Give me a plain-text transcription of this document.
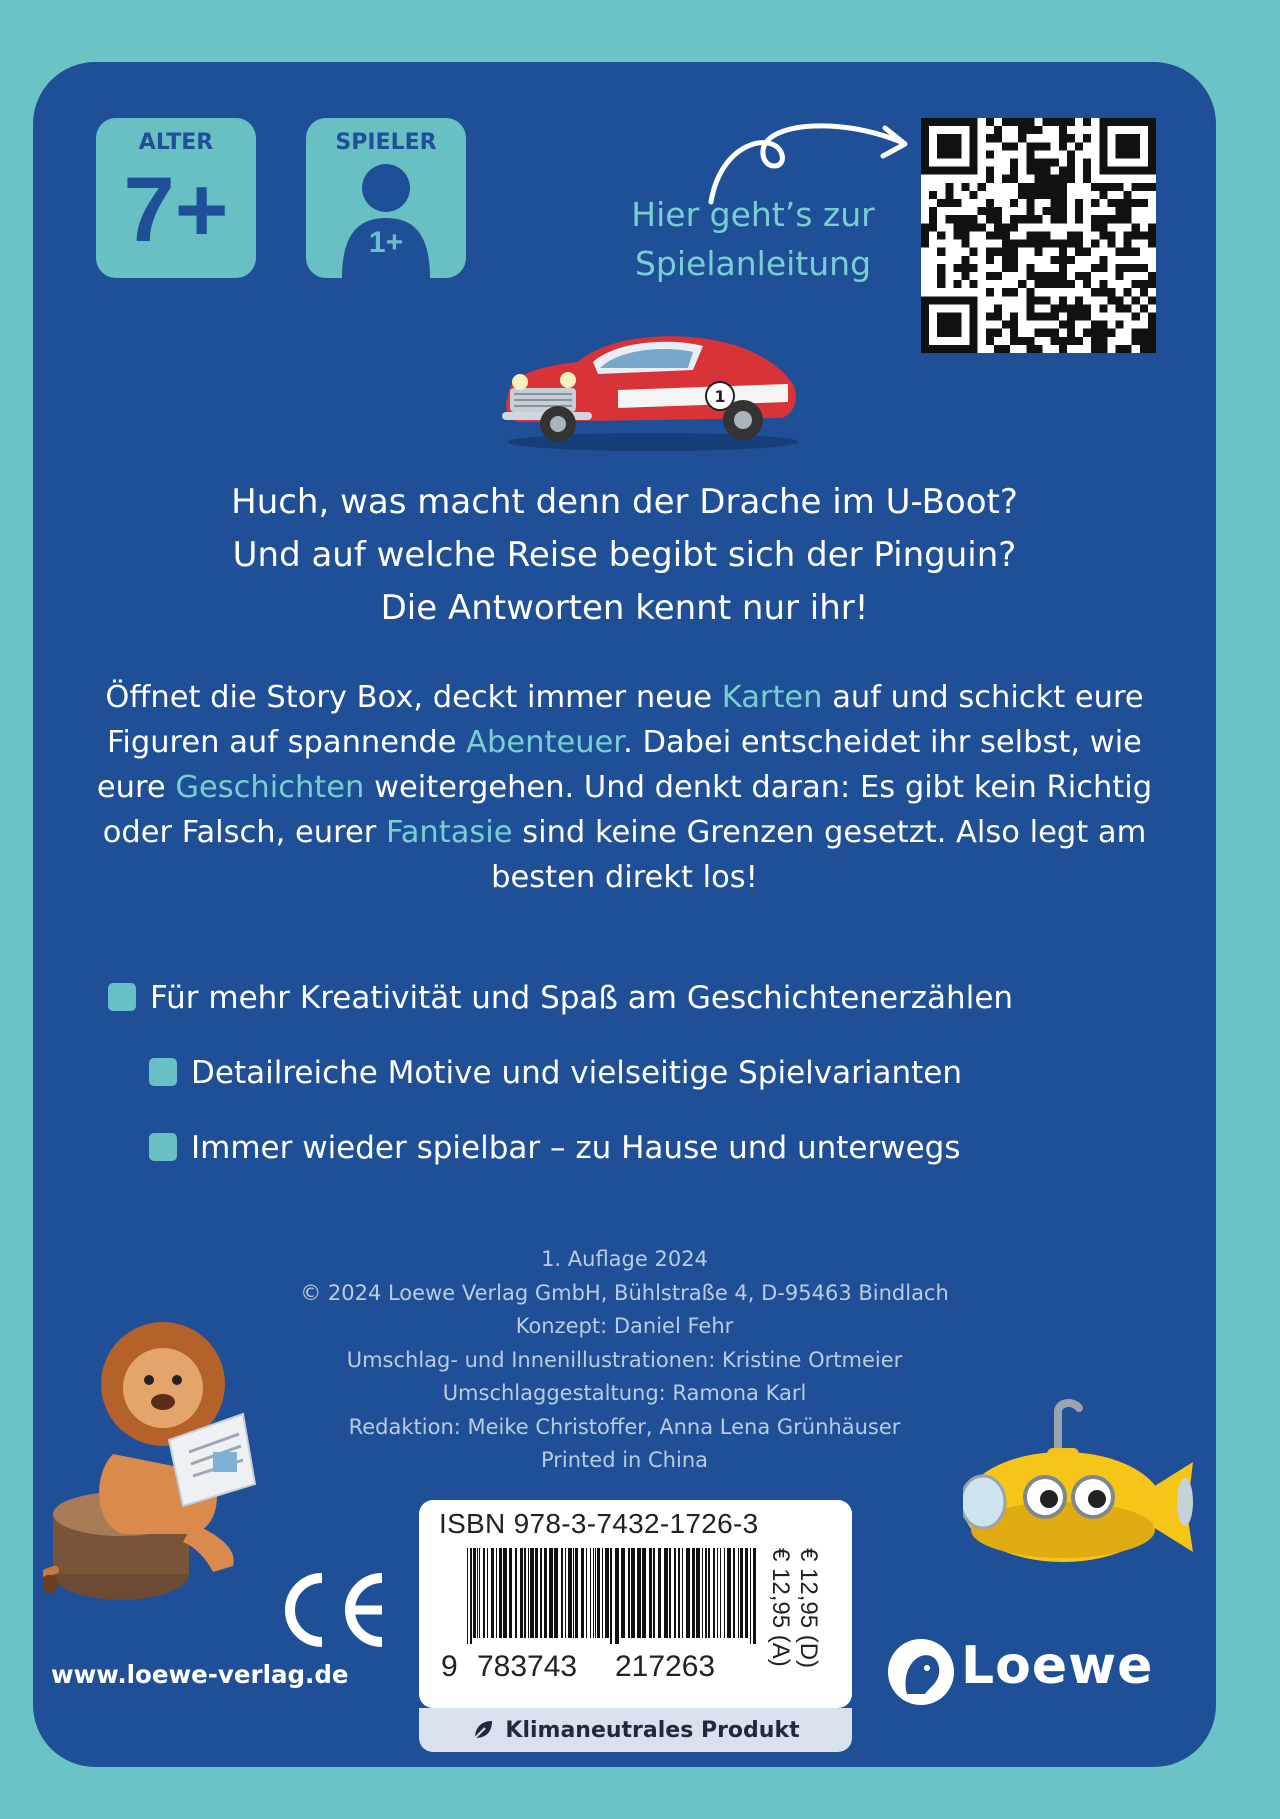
ALTER
7+
SPIELER
1+
Hier geht’s zur
Spielanleitung
1
Huch, was macht denn der Drache im U-Boot?
Und auf welche Reise begibt sich der Pinguin?
Die Antworten kennt nur ihr!
Öffnet die Story Box, deckt immer neue Karten auf und schickt eure Figuren auf spannende Abenteuer. Dabei entscheidet ihr selbst, wie eure Geschichten weitergehen. Und denkt daran: Es gibt kein Richtig oder Falsch, eurer Fantasie sind keine Grenzen gesetzt. Also legt am besten direkt los!
Für mehr Kreativität und Spaß am Geschichtenerzählen
Detailreiche Motive und vielseitige Spielvarianten
Immer wieder spielbar – zu Hause und unterwegs
1. Auflage 2024
© 2024 Loewe Verlag GmbH, Bühlstraße 4, D-95463 Bindlach
Konzept: Daniel Fehr
Umschlag- und Innenillustrationen: Kristine Ortmeier
Umschlaggestaltung: Ramona Karl
Redaktion: Meike Christoffer, Anna Lena Grünhäuser
Printed in China
www.loewe-verlag.de
ISBN 978-3-7432-1726-3
9 783743 217263	€ 12,95 (D)
€ 12,95 (A)
Klimaneutrales Produkt
Loewe
